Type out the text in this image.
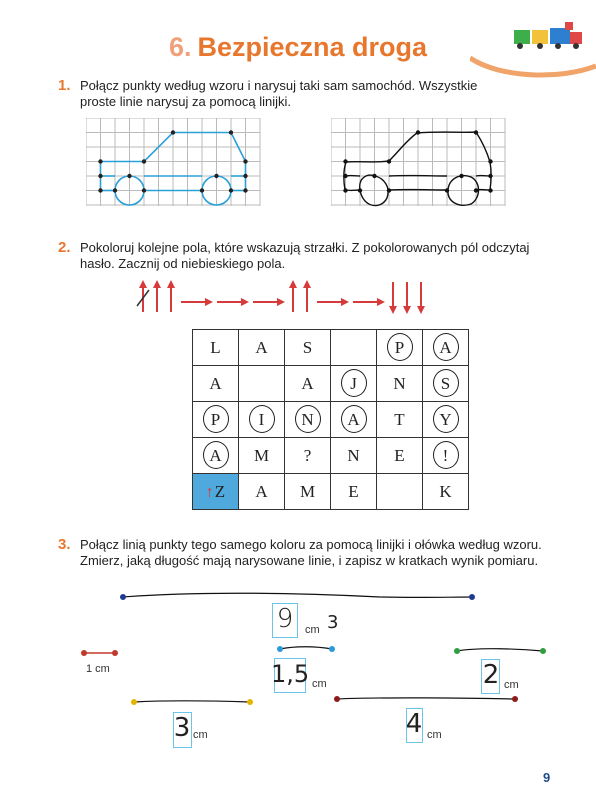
6. Bezpieczna droga
1. Połącz punkty według wzoru i narysuj taki sam samochód. Wszystkie proste linie narysuj za pomocą linijki.
2. Pokoloruj kolejne pola, które wskazują strzałki. Z pokolorowanych pól odczytaj hasło. Zacznij od niebieskiego pola.
L	A	S		P	A

A		A	J	N	S

P	I	N	A	T	Y

A	M	?	N	E	!

↑Z	A	M	E		K
3. Połącz linią punkty tego samego koloru za pomocą linijki i ołówka według wzoru. Zmierz, jaką długość mają narysowane linie, i zapisz w kratkach wynik pomiaru.
1 cm
9	cm 3
1,5 cm	2 cm
3 cm	4 cm
9
